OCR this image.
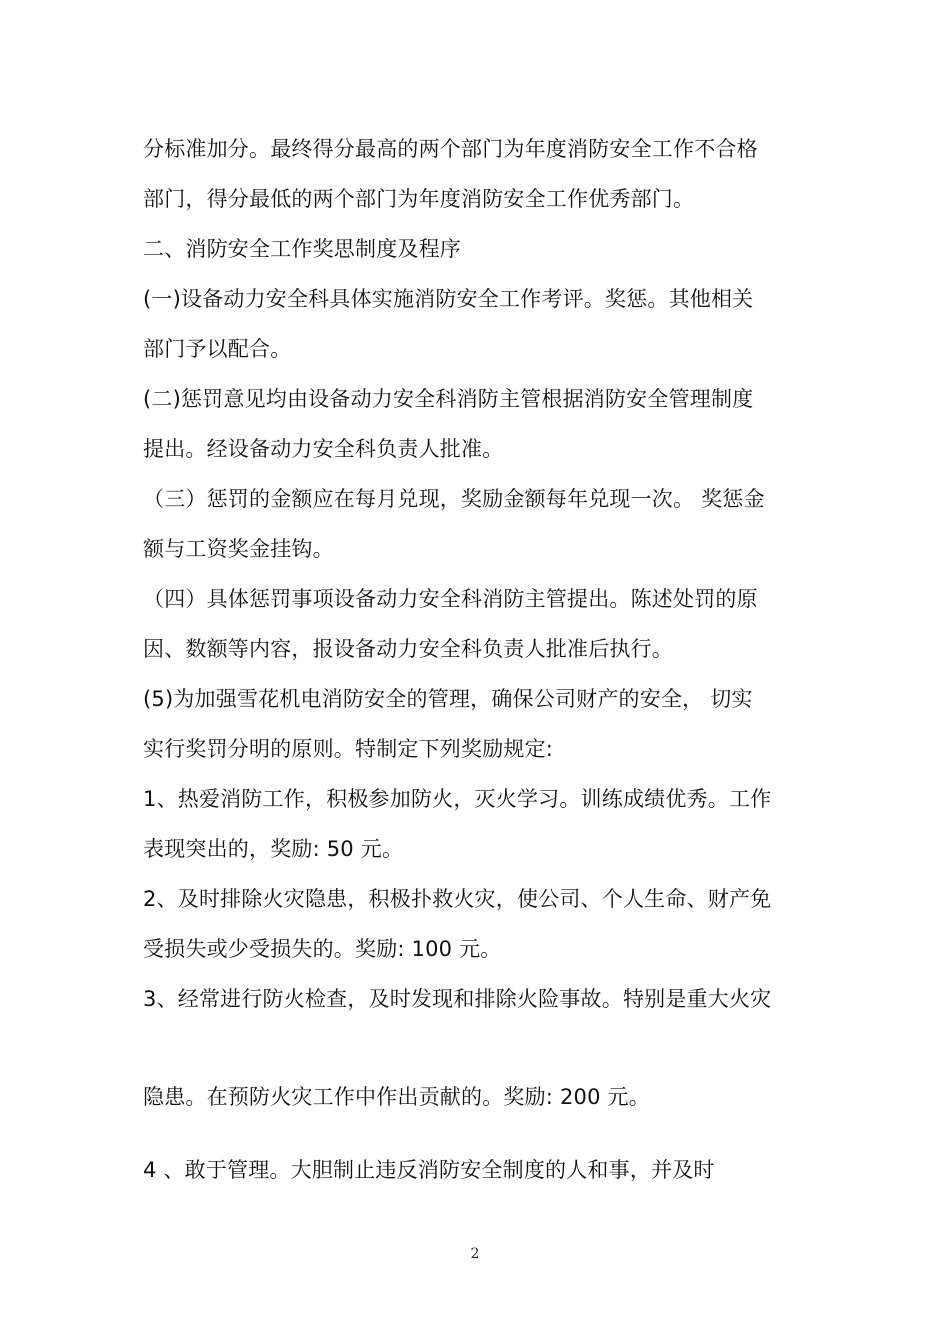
分标准加分。最终得分最高的两个部门为年度消防安全工作不合格
部门，得分最低的两个部门为年度消防安全工作优秀部门。
二、消防安全工作奖思制度及程序
(一)设备动力安全科具体实施消防安全工作考评。奖惩。其他相关
部门予以配合。
(二)惩罚意见均由设备动力安全科消防主管根据消防安全管理制度
提出。经设备动力安全科负责人批准。
（三）惩罚的金额应在每月兑现，奖励金额每年兑现一次。 奖惩金
额与工资奖金挂钩。
（四）具体惩罚事项设备动力安全科消防主管提出。陈述处罚的原
因、数额等内容，报设备动力安全科负责人批准后执行。
(5)为加强雪花机电消防安全的管理，确保公司财产的安全， 切实
实行奖罚分明的原则。特制定下列奖励规定:
1、热爱消防工作，积极参加防火，灭火学习。训练成绩优秀。工作
表现突出的，奖励: 50 元。
2、及时排除火灾隐患，积极扑救火灾，使公司、个人生命、财产免
受损失或少受损失的。奖励: 100 元。
3、经常进行防火检查，及时发现和排除火险事故。特别是重大火灾
隐患。在预防火灾工作中作出贡献的。奖励: 200 元。
4 、敢于管理。大胆制止违反消防安全制度的人和事，并及时
2
